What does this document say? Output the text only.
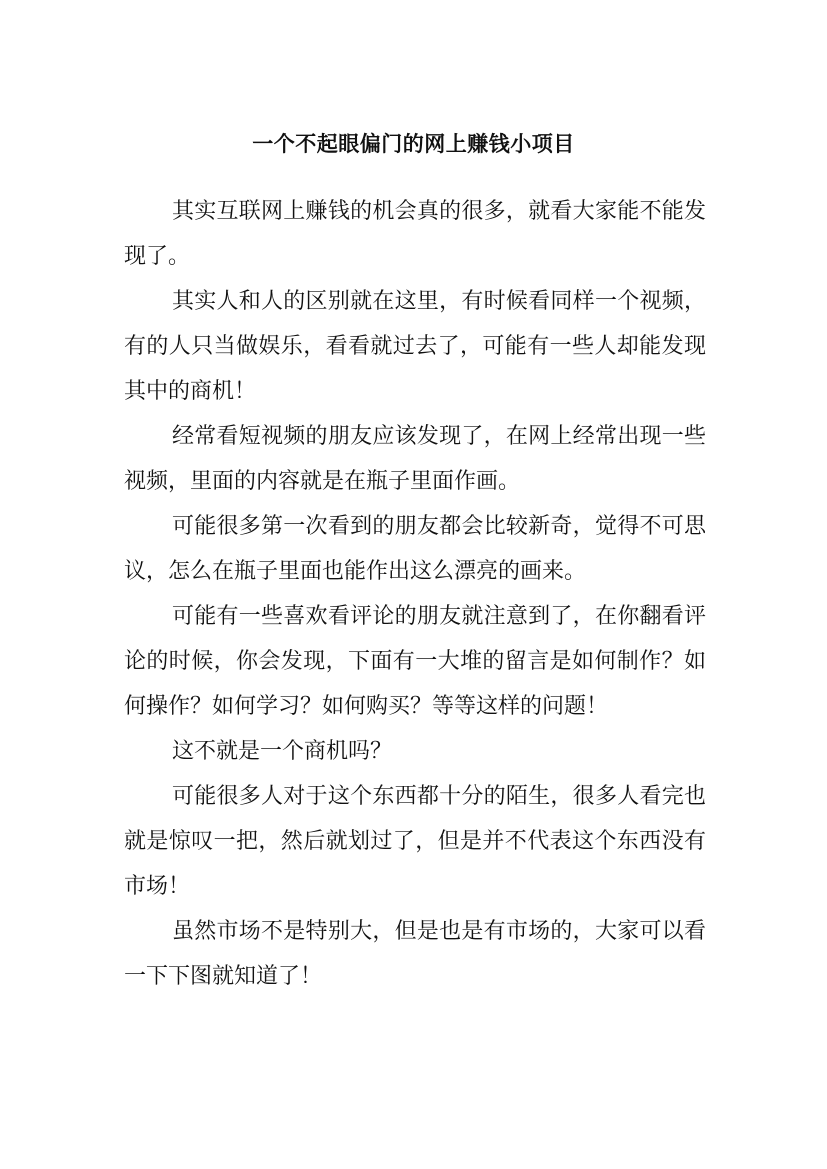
一个不起眼偏门的网上赚钱小项目

其实互联网上赚钱的机会真的很多，就看大家能不能发现了。

其实人和人的区别就在这里，有时候看同样一个视频，有的人只当做娱乐，看看就过去了，可能有一些人却能发现其中的商机！

经常看短视频的朋友应该发现了，在网上经常出现一些视频，里面的内容就是在瓶子里面作画。

可能很多第一次看到的朋友都会比较新奇，觉得不可思议，怎么在瓶子里面也能作出这么漂亮的画来。

可能有一些喜欢看评论的朋友就注意到了，在你翻看评论的时候，你会发现，下面有一大堆的留言是如何制作？如何操作？如何学习？如何购买？等等这样的问题！

这不就是一个商机吗？

可能很多人对于这个东西都十分的陌生，很多人看完也就是惊叹一把，然后就划过了，但是并不代表这个东西没有市场！

虽然市场不是特别大，但是也是有市场的，大家可以看一下下图就知道了！
